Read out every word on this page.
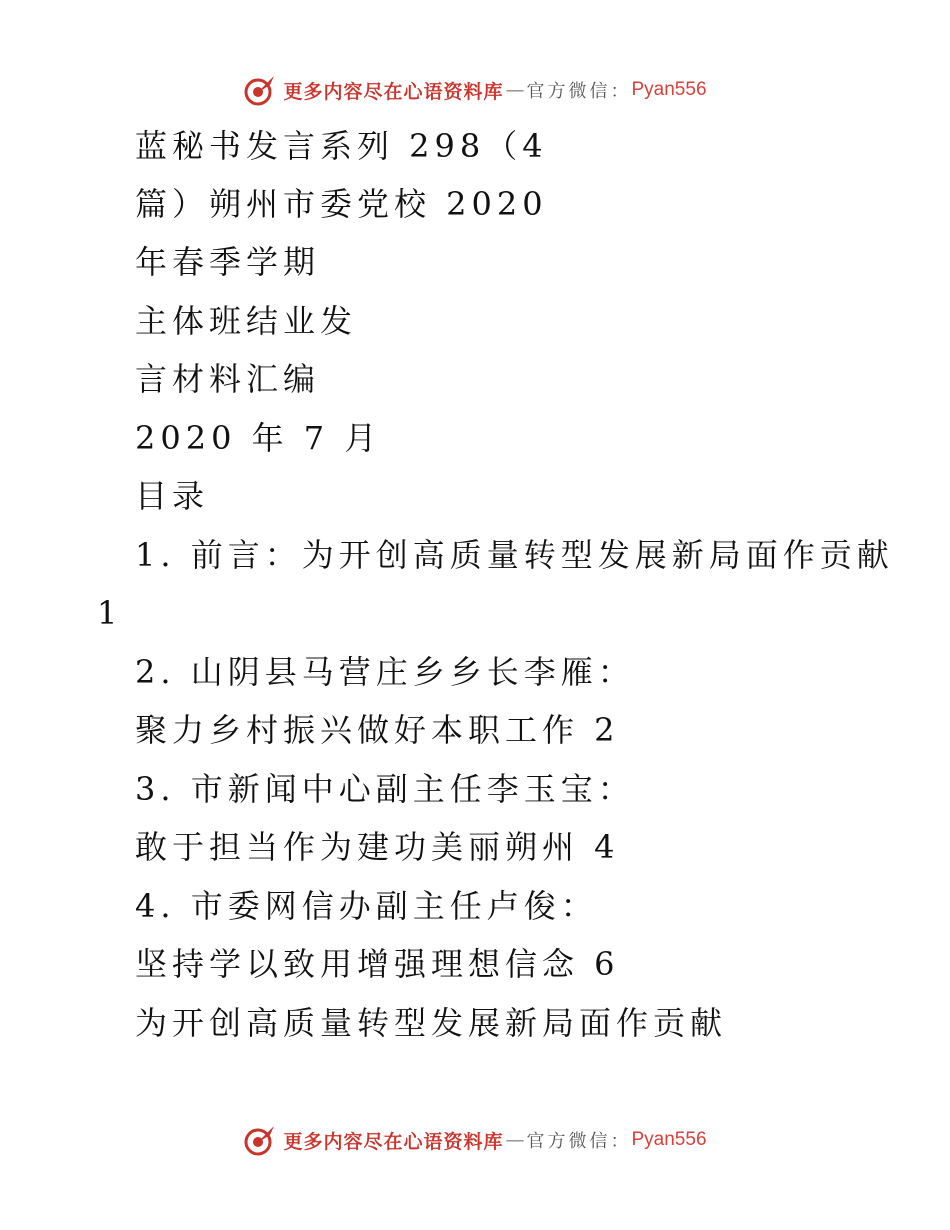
更多内容尽在心语资料库 — 官方微信： Pyan556
蓝秘书发言系列 298（4
篇）朔州市委党校 2020
年春季学期
主体班结业发
言材料汇编
2020 年 7 月
目录
1. 前言：为开创高质量转型发展新局面作贡献
1
2. 山阴县马营庄乡乡长李雁：
聚力乡村振兴做好本职工作 2
3. 市新闻中心副主任李玉宝：
敢于担当作为建功美丽朔州 4
4. 市委网信办副主任卢俊：
坚持学以致用增强理想信念 6
为开创高质量转型发展新局面作贡献
更多内容尽在心语资料库 — 官方微信： Pyan556
